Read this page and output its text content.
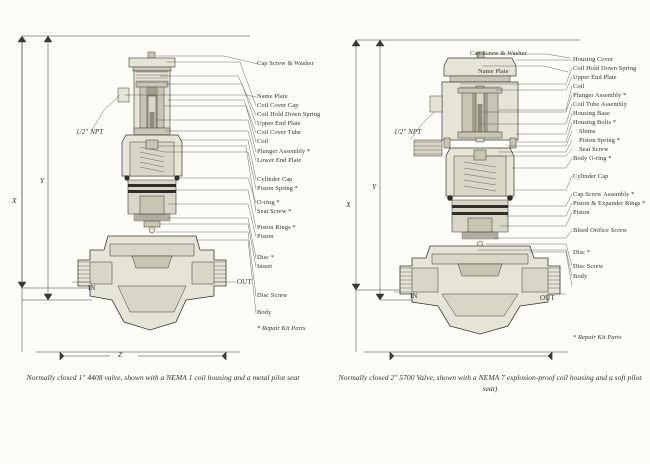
X
Y
Z
1/2" NPT
IN
OUT
Cap Screw & Washer
Name Plate
Coil Cover Cap
Coil Hold Down Spring
Upper End Plate
Coil Cover Tube
Coil
Plunger Assembly *
Lower End Plate
Cylinder Cap
Piston Spring *
O-ring *
Seat Screw *
Piston Rings *
Piston
Disc *
Insert
Disc Screw
Body
* Repair Kit Parts
Normally closed 1" 4408 valve, shown with a NEMA 1 coil housing and a metal pilot seat
X
Y
1/2" NPT
IN	OUT
Cap Screw & Washer
Name Plate
Housing Cover
Coil Hold Down Spring
Upper End Plate
Coil
Plunger Assembly *
Coil Tube Assembly
Housing Base
Housing Bolts *
Shims
Piston Spring *
Seat Screw
Body O-ring *
Cylinder Cap
Cap Screw Assembly *
Piston & Expander Rings *
Piston
Bleed Orifice Screw
Disc *
Disc Screw
Body
* Repair Kit Parts
Normally closed 2" 5700 Valve, shown with a NEMA 7 explosion-proof coil housing and a soft pilot seat)
